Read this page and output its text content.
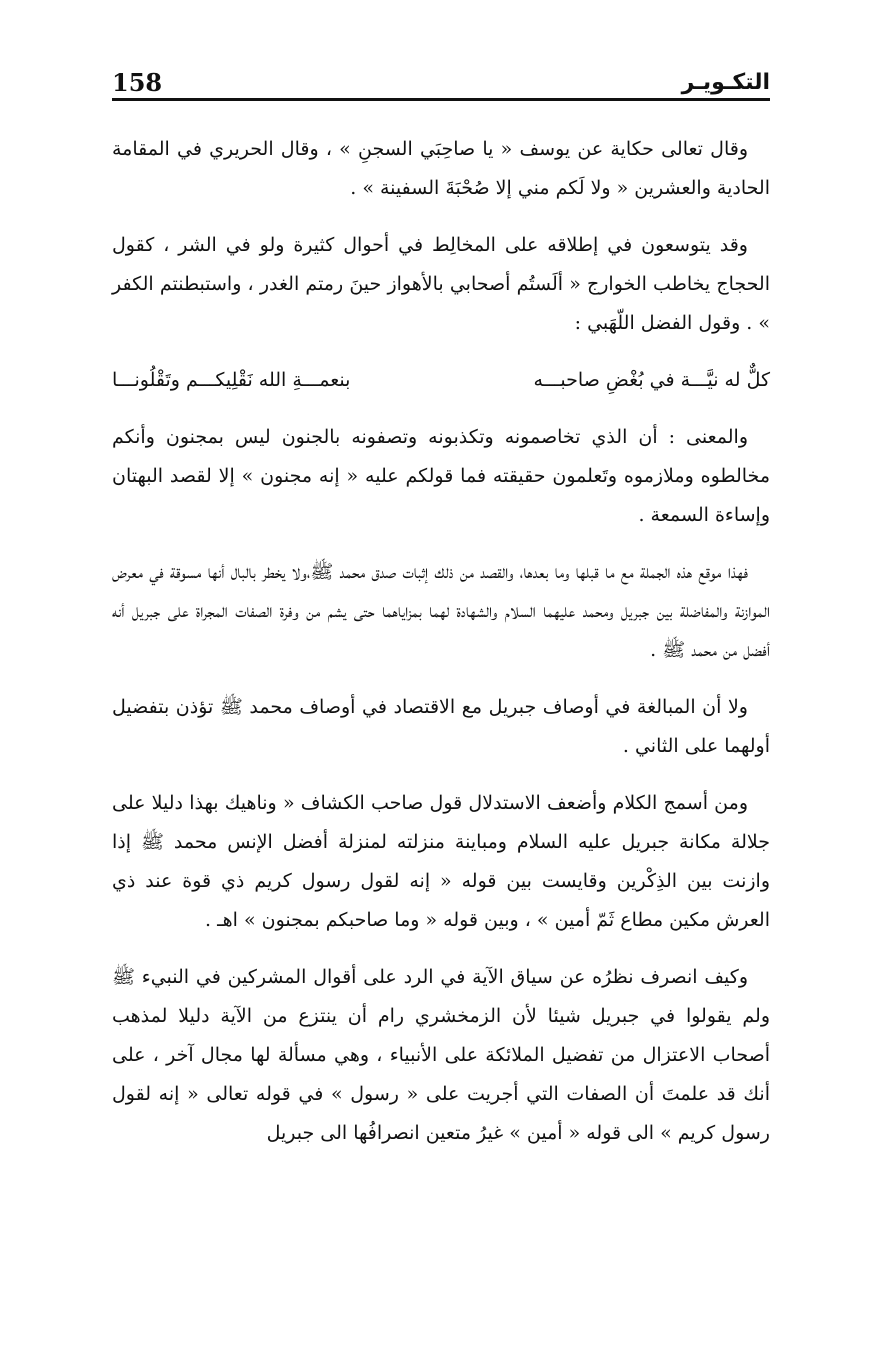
158	التكـويـر

وقال تعالى حكاية عن يوسف « يا صاحِبَي السجنِ » ، وقال الحريري في المقامة الحادية والعشرين « ولا لَكم مني إلا صُحْبَةَ السفينة » .

وقد يتوسعون في إطلاقه على المخالِط في أحوال كثيرة ولو في الشر ، كقول الحجاج يخاطب الخوارج « ألَستُم أصحابي بالأهواز حينَ رمتم الغدر ، واستبطنتم الكفر » . وقول الفضل اللّهَبي :

كلٌّ له نيَّـــة في بُغْضِ صاحبـــه
بنعمـــةِ الله نَقْلِيكـــم وتَقْلُونـــا

والمعنى : أن الذي تخاصمونه وتكذبونه وتصفونه بالجنون ليس بمجنون وأنكم مخالطوه وملازموه وتَعلمون حقيقته فما قولكم عليه « إنه مجنون » إلا لقصد البهتان وإساءة السمعة .

فهذا موقع هذه الجملة مع ما قبلها وما بعدها، والقصد من ذلك إثبات صدق محمد ﷺ،ولا يخطر بالبال أنها مسوقة في معرض الموازنة والمفاضلة بين جبريل ومحمد عليهما السلام والشهادة لهما بمزاياهما حتى يشم من وفرة الصفات المجراة على جبريل أنه أفضل من محمد ﷺ .

ولا أن المبالغة في أوصاف جبريل مع الاقتصاد في أوصاف محمد ﷺ تؤذن بتفضيل أولهما على الثاني .

ومن أسمج الكلام وأضعف الاستدلال قول صاحب الكشاف « وناهيك بهذا دليلا على جلالة مكانة جبريل عليه السلام ومباينة منزلته لمنزلة أفضل الإنس محمد ﷺ إذا وازنت بين الذِكْرين وقايست بين قوله « إنه لقول رسول كريم ذي قوة عند ذي العرش مكين مطاع ثَمّ أمين » ، وبين قوله « وما صاحبكم بمجنون » اهـ .

وكيف انصرف نظرُه عن سياق الآية في الرد على أقوال المشركين في النبيء ﷺ ولم يقولوا في جبريل شيئا لأن الزمخشري رام أن ينتزع من الآية دليلا لمذهب أصحاب الاعتزال من تفضيل الملائكة على الأنبياء ، وهي مسألة لها مجال آخر ، على أنك قد علمتَ أن الصفات التي أجريت على « رسول » في قوله تعالى « إنه لقول رسول كريم » الى قوله « أمين » غيرُ متعين انصرافُها الى جبريل
